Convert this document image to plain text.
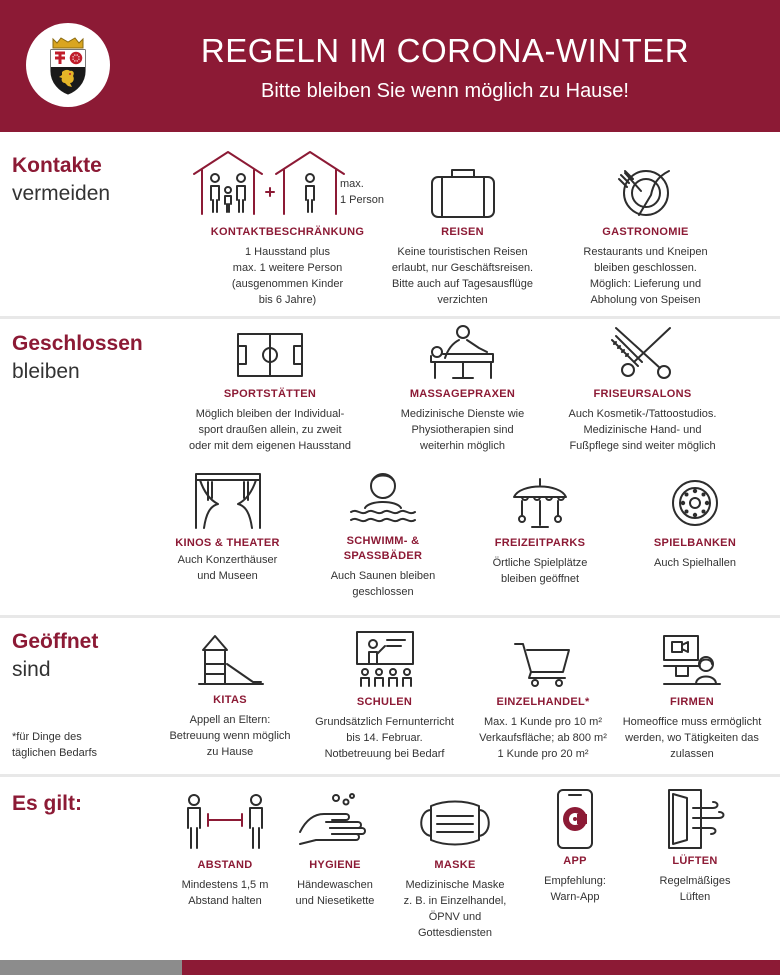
REGELN IM CORONA-WINTER
Bitte bleiben Sie wenn möglich zu Hause!
Kontakte
vermeiden	max.
1 Person
KONTAKTBESCHRÄNKUNG
1 Hausstand plus
max. 1 weitere Person
(ausgenommen Kinder
bis 6 Jahre)
REISEN
Keine touristischen Reisen
erlaubt, nur Geschäftsreisen.
Bitte auch auf Tagesausflüge
verzichten
GASTRONOMIE
Restaurants und Kneipen
bleiben geschlossen.
Möglich: Lieferung und
Abholung von Speisen
Geschlossen
bleiben
SPORTSTÄTTEN
Möglich bleiben der Individual-
sport draußen allein, zu zweit
oder mit dem eigenen Hausstand
MASSAGEPRAXEN
Medizinische Dienste wie
Physiotherapien sind
weiterhin möglich
FRISEURSALONS
Auch Kosmetik-/Tattoostudios.
Medizinische Hand- und
Fußpflege sind weiter möglich
KINOS & THEATER
Auch Konzerthäuser
und Museen
SCHWIMM- &
SPASSBÄDER
Auch Saunen bleiben
geschlossen
FREIZEITPARKS
Örtliche Spielplätze
bleiben geöffnet
SPIELBANKEN
Auch Spielhallen
Geöffnet
sind
*für Dinge des
täglichen Bedarfs
KITAS
Appell an Eltern:
Betreuung wenn möglich
zu Hause
SCHULEN
Grundsätzlich Fernunterricht
bis 14. Februar.
Notbetreuung bei Bedarf
EINZELHANDEL*
Max. 1 Kunde pro 10 m²
Verkaufsfläche; ab 800 m²
1 Kunde pro 20 m²
FIRMEN
Homeoffice muss ermöglicht
werden, wo Tätigkeiten das
zulassen
Es gilt:
ABSTAND
Mindestens 1,5 m
Abstand halten
HYGIENE
Händewaschen
und Niesetikette
MASKE
Medizinische Maske
z. B. in Einzelhandel,
ÖPNV und
Gottesdiensten
APP
Empfehlung:
Warn-App
LÜFTEN
Regelmäßiges
Lüften
